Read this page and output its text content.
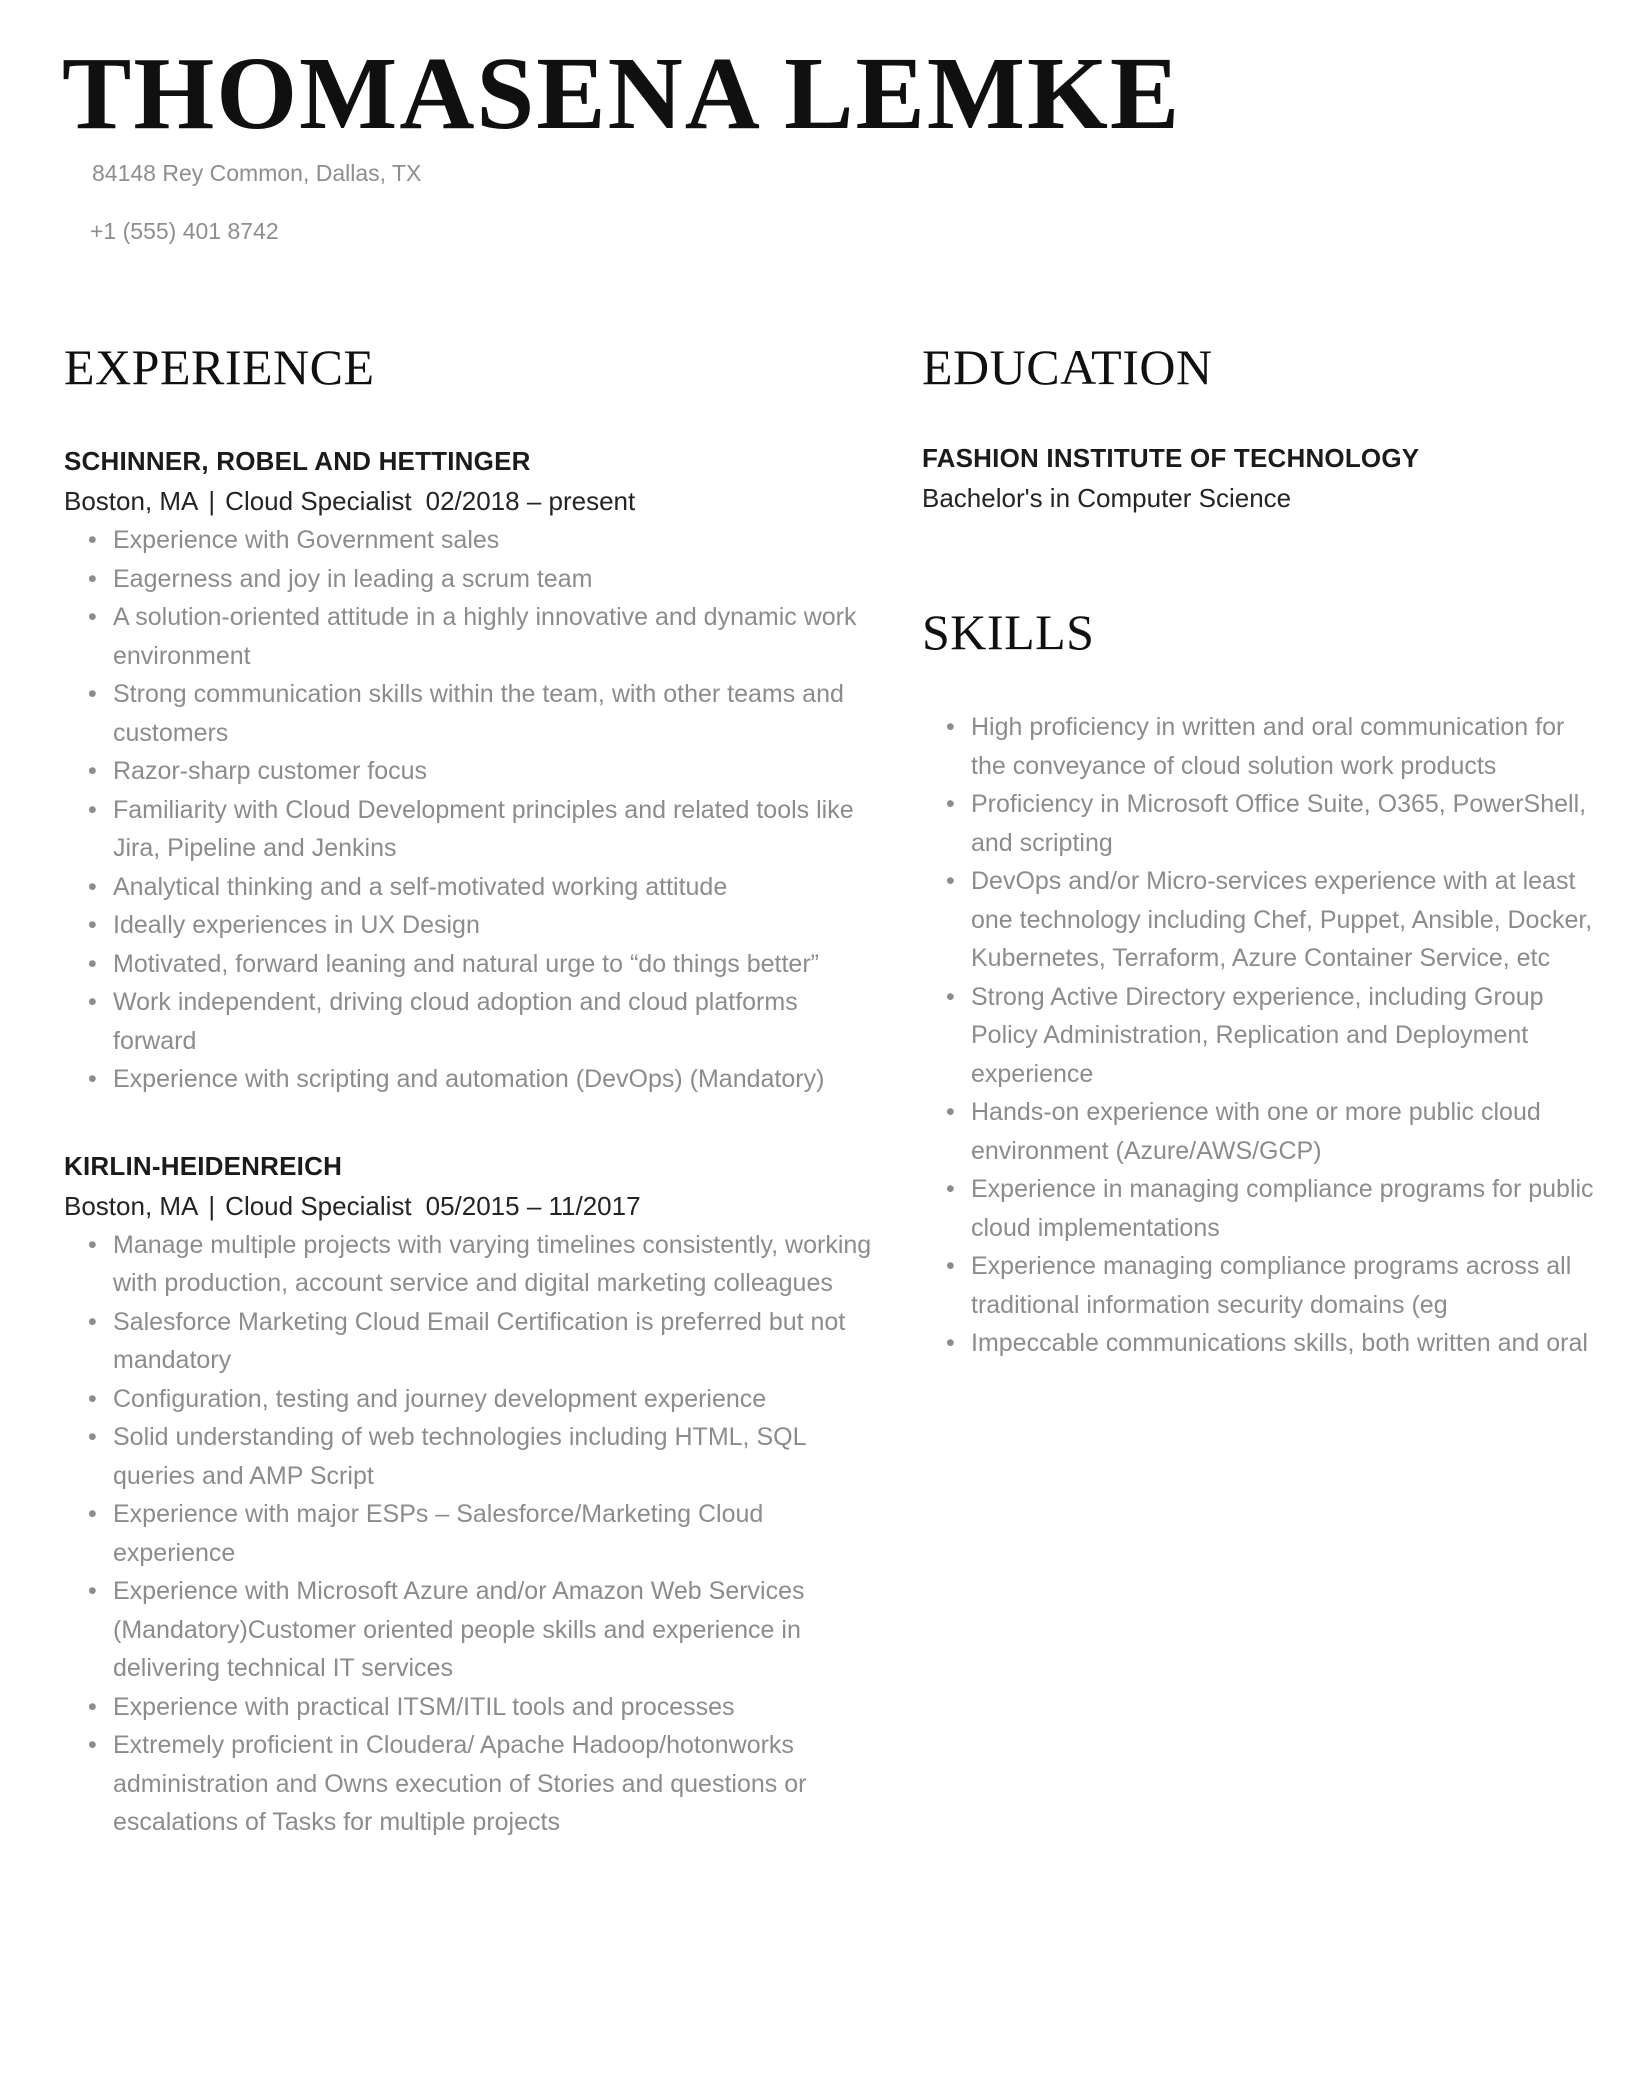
THOMASENA LEMKE
84148 Rey Common, Dallas, TX
+1 (555) 401 8742
EXPERIENCE
SCHINNER, ROBEL AND HETTINGER
Boston, MA | Cloud Specialist 02/2018 – present
• Experience with Government sales
• Eagerness and joy in leading a scrum team
• A solution-oriented attitude in a highly innovative and dynamic work environment
• Strong communication skills within the team, with other teams and customers
• Razor-sharp customer focus
• Familiarity with Cloud Development principles and related tools like Jira, Pipeline and Jenkins
• Analytical thinking and a self-motivated working attitude
• Ideally experiences in UX Design
• Motivated, forward leaning and natural urge to “do things better”
• Work independent, driving cloud adoption and cloud platforms forward
• Experience with scripting and automation (DevOps) (Mandatory)
KIRLIN-HEIDENREICH
Boston, MA | Cloud Specialist 05/2015 – 11/2017
• Manage multiple projects with varying timelines consistently, working with production, account service and digital marketing colleagues
• Salesforce Marketing Cloud Email Certification is preferred but not mandatory
• Configuration, testing and journey development experience
• Solid understanding of web technologies including HTML, SQL queries and AMP Script
• Experience with major ESPs – Salesforce/Marketing Cloud experience
• Experience with Microsoft Azure and/or Amazon Web Services (Mandatory)Customer oriented people skills and experience in delivering technical IT services
• Experience with practical ITSM/ITIL tools and processes
• Extremely proficient in Cloudera/ Apache Hadoop/hotonworks administration and Owns execution of Stories and questions or escalations of Tasks for multiple projects
EDUCATION
FASHION INSTITUTE OF TECHNOLOGY
Bachelor's in Computer Science
SKILLS
• High proficiency in written and oral communication for the conveyance of cloud solution work products
• Proficiency in Microsoft Office Suite, O365, PowerShell, and scripting
• DevOps and/or Micro-services experience with at least one technology including Chef, Puppet, Ansible, Docker, Kubernetes, Terraform, Azure Container Service, etc
• Strong Active Directory experience, including Group Policy Administration, Replication and Deployment experience
• Hands-on experience with one or more public cloud environment (Azure/AWS/GCP)
• Experience in managing compliance programs for public cloud implementations
• Experience managing compliance programs across all traditional information security domains (eg
• Impeccable communications skills, both written and oral
